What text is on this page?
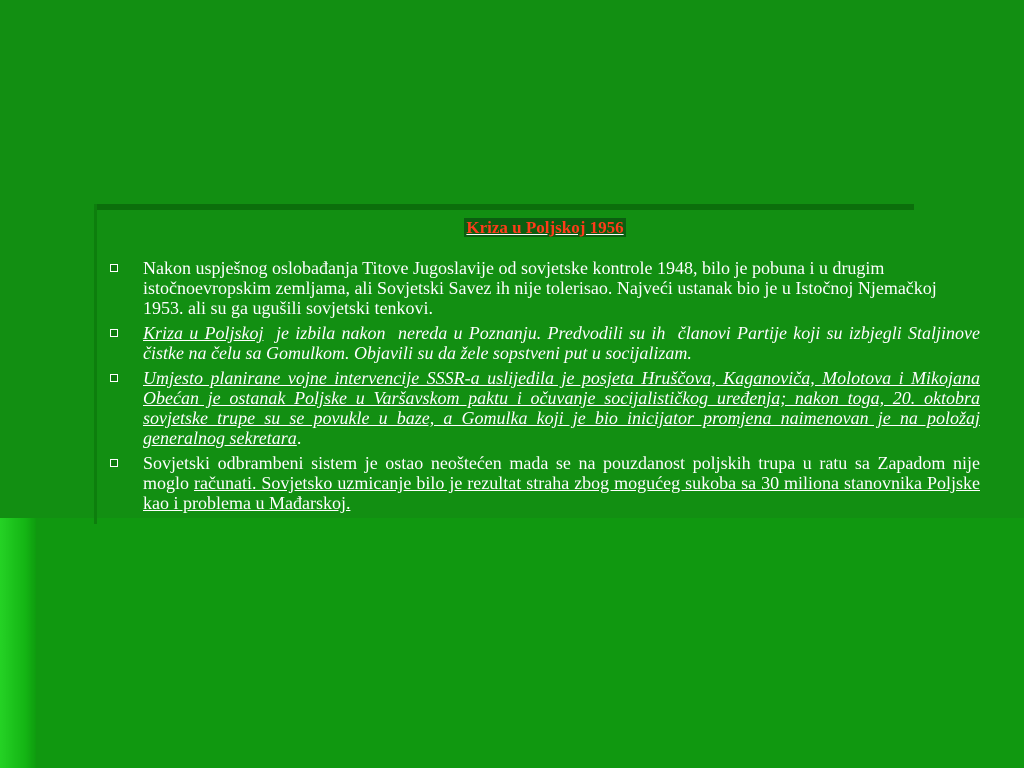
Kriza u Poljskoj 1956
Nakon uspješnog oslobađanja Titove Jugoslavije od sovjetske kontrole 1948, bilo je pobuna i u drugim istočnoevropskim zemljama, ali Sovjetski Savez ih nije tolerisao. Najveći ustanak bio je u Istočnoj Njemačkoj 1953. ali su ga ugušili sovjetski tenkovi.
Kriza u Poljskoj  je izbila nakon  nereda u Poznanju. Predvodili su ih  članovi Partije koji su izbjegli Staljinove čistke na čelu sa Gomulkom. Objavili su da žele sopstveni put u socijalizam.
Umjesto planirane vojne intervencije SSSR-a uslijedila je posjeta Hruščova, Kaganoviča, Molotova i Mikojana Obećan je ostanak Poljske u Varšavskom paktu i očuvanje socijalističkog uređenja; nakon toga, 20. oktobra sovjetske trupe su se povukle u baze, a Gomulka koji je bio inicijator promjena naimenovan je na položaj generalnog sekretara.
Sovjetski odbrambeni sistem je ostao neoštećen mada se na pouzdanost poljskih trupa u ratu sa Zapadom nije moglo računati. Sovjetsko uzmicanje bilo je rezultat straha zbog mogućeg sukoba sa 30 miliona stanovnika Poljske kao i problema u Mađarskoj.
